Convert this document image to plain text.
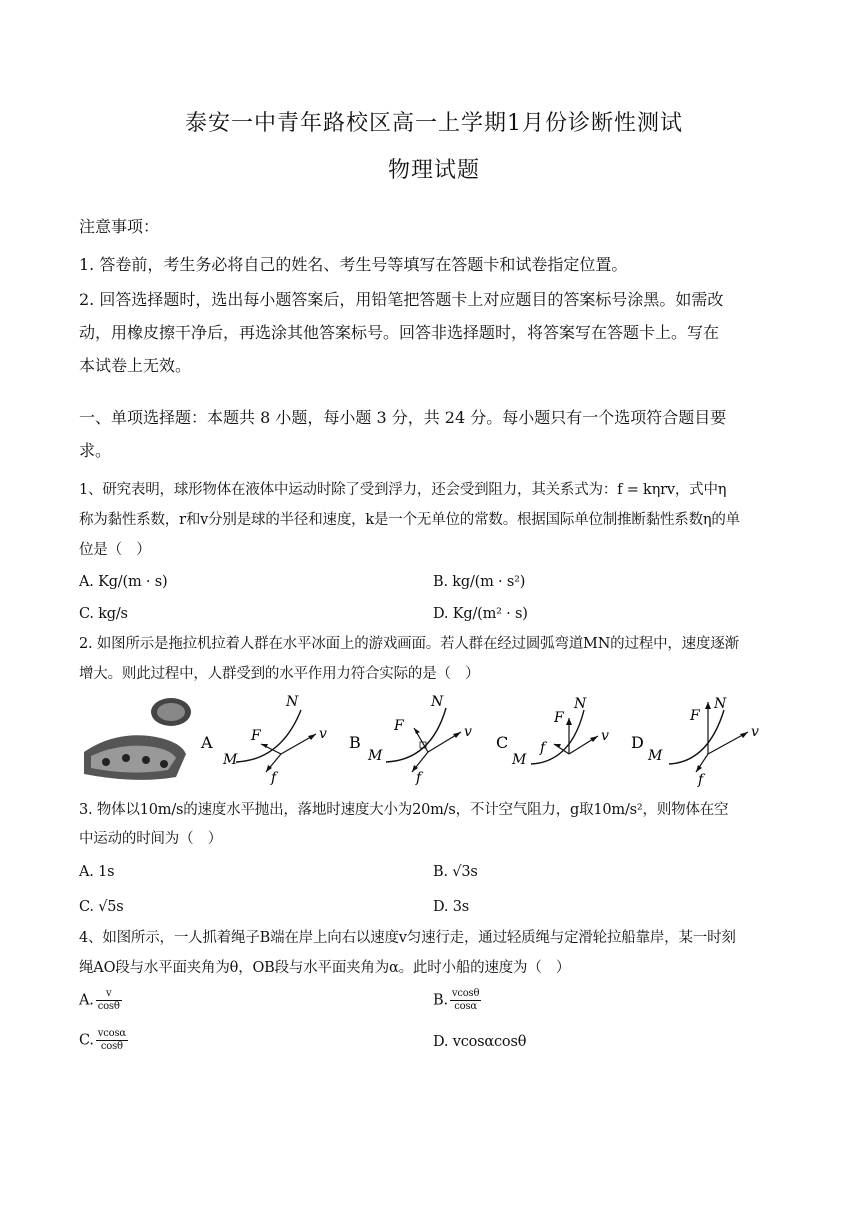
泰安一中青年路校区高一上学期1月份诊断性测试
物理试题
注意事项：
1. 答卷前，考生务必将自己的姓名、考生号等填写在答题卡和试卷指定位置。
2. 回答选择题时，选出每小题答案后，用铅笔把答题卡上对应题目的答案标号涂黑。如需改
动，用橡皮擦干净后，再选涂其他答案标号。回答非选择题时，将答案写在答题卡上。写在
本试卷上无效。
一、单项选择题：本题共 8 小题，每小题 3 分，共 24 分。每小题只有一个选项符合题目要
求。
1、研究表明，球形物体在液体中运动时除了受到浮力，还会受到阻力，其关系式为：f = kηrv，式中η
称为黏性系数，r和v分别是球的半径和速度，k是一个无单位的常数。根据国际单位制推断黏性系数η的单
位是（　）
A. Kg/(m · s)	B. kg/(m · s²)
C. kg/s	D. Kg/(m² · s)
2. 如图所示是拖拉机拉着人群在水平冰面上的游戏画面。若人群在经过圆弧弯道MN的过程中，速度逐渐
增大。则此过程中，人群受到的水平作用力符合实际的是（　）
A
M
N
F
f
v B
M
N
F
f
v
C
M
N
F
f
v D
M
N
F
f
v
3. 物体以10m/s的速度水平抛出，落地时速度大小为20m/s，不计空气阻力，g取10m/s²，则物体在空
中运动的时间为（　）
A. 1s	B. √3s
C. √5s	D. 3s
4、如图所示，一人抓着绳子B端在岸上向右以速度v匀速行走，通过轻质绳与定滑轮拉船靠岸，某一时刻
绳AO段与水平面夹角为θ，OB段与水平面夹角为α。此时小船的速度为（　）
A. $\frac{v}{\cos\theta}$	B. $\frac{vcos\theta}{\cos\alpha}$
C. $\frac{vcos\alpha}{\cos\theta}$	D. vcosαcosθ
